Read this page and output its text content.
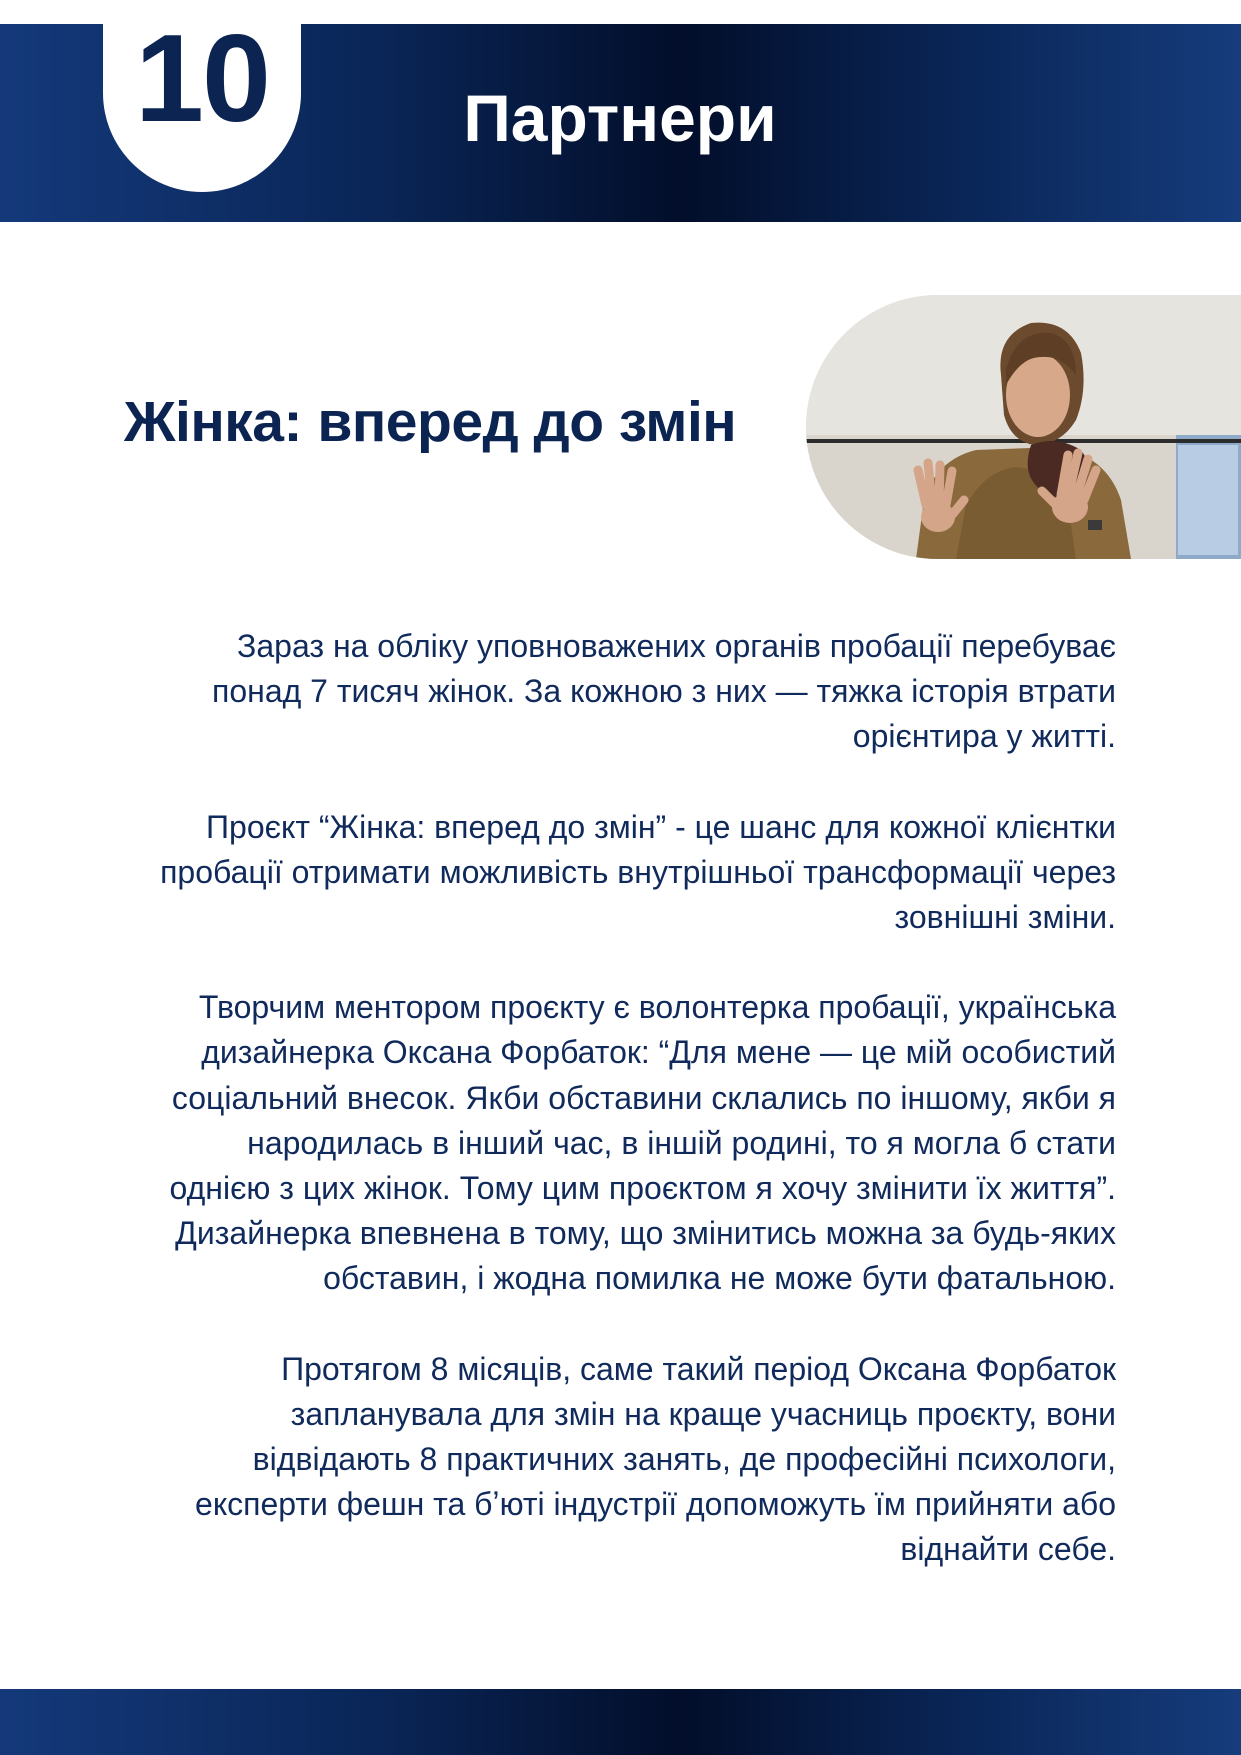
10	Партнери
Жінка: вперед до змін

Зараз на обліку уповноважених органів пробації перебуває понад 7 тисяч жінок. За кожною з них — тяжка історія втрати орієнтира у житті.

Проєкт “Жінка: вперед до змін” - це шанс для кожної клієнтки пробації отримати можливість внутрішньої трансформації через зовнішні зміни.

Творчим ментором проєкту є волонтерка пробації, українська дизайнерка Оксана Форбаток: “Для мене — це мій особистий соціальний внесок. Якби обставини склались по іншому, якби я народилась в інший час, в іншій родині, то я могла б стати однією з цих жінок. Тому цим проєктом я хочу змінити їх життя”. Дизайнерка впевнена в тому, що змінитись можна за будь-яких обставин, і жодна помилка не може бути фатальною.

Протягом 8 місяців, саме такий період Оксана Форбаток запланувала для змін на краще учасниць проєкту, вони відвідають 8 практичних занять, де професійні психологи, експерти фешн та бʼюті індустрії допоможуть їм прийняти або віднайти себе.
